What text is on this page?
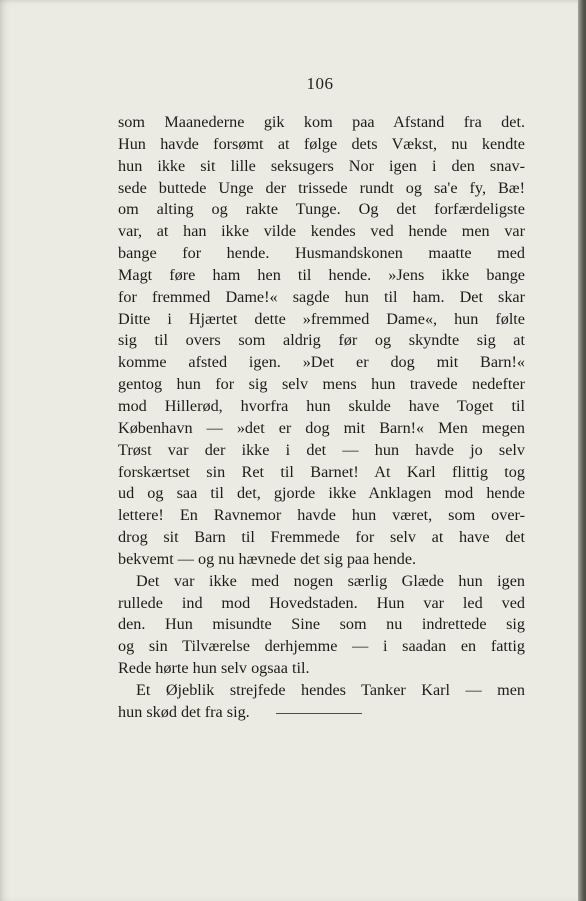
106
som Maanederne gik kom paa Afstand fra det.
Hun havde forsømt at følge dets Vækst, nu kendte
hun ikke sit lille seksugers Nor igen i den snav-
sede buttede Unge der trissede rundt og sa'e fy, Bæ!
om alting og rakte Tunge. Og det forfærdeligste
var, at han ikke vilde kendes ved hende men var
bange for hende. Husmandskonen maatte med
Magt føre ham hen til hende. »Jens ikke bange
for fremmed Dame!« sagde hun til ham. Det skar
Ditte i Hjærtet dette »fremmed Dame«, hun følte
sig til overs som aldrig før og skyndte sig at
komme afsted igen. »Det er dog mit Barn!«
gentog hun for sig selv mens hun travede nedefter
mod Hillerød, hvorfra hun skulde have Toget til
København — »det er dog mit Barn!« Men megen
Trøst var der ikke i det — hun havde jo selv
forskærtset sin Ret til Barnet! At Karl flittig tog
ud og saa til det, gjorde ikke Anklagen mod hende
lettere! En Ravnemor havde hun været, som over-
drog sit Barn til Fremmede for selv at have det
bekvemt — og nu hævnede det sig paa hende.
Det var ikke med nogen særlig Glæde hun igen
rullede ind mod Hovedstaden. Hun var led ved
den. Hun misundte Sine som nu indrettede sig
og sin Tilværelse derhjemme — i saadan en fattig
Rede hørte hun selv ogsaa til.
Et Øjeblik strejfede hendes Tanker Karl — men
hun skød det fra sig.
